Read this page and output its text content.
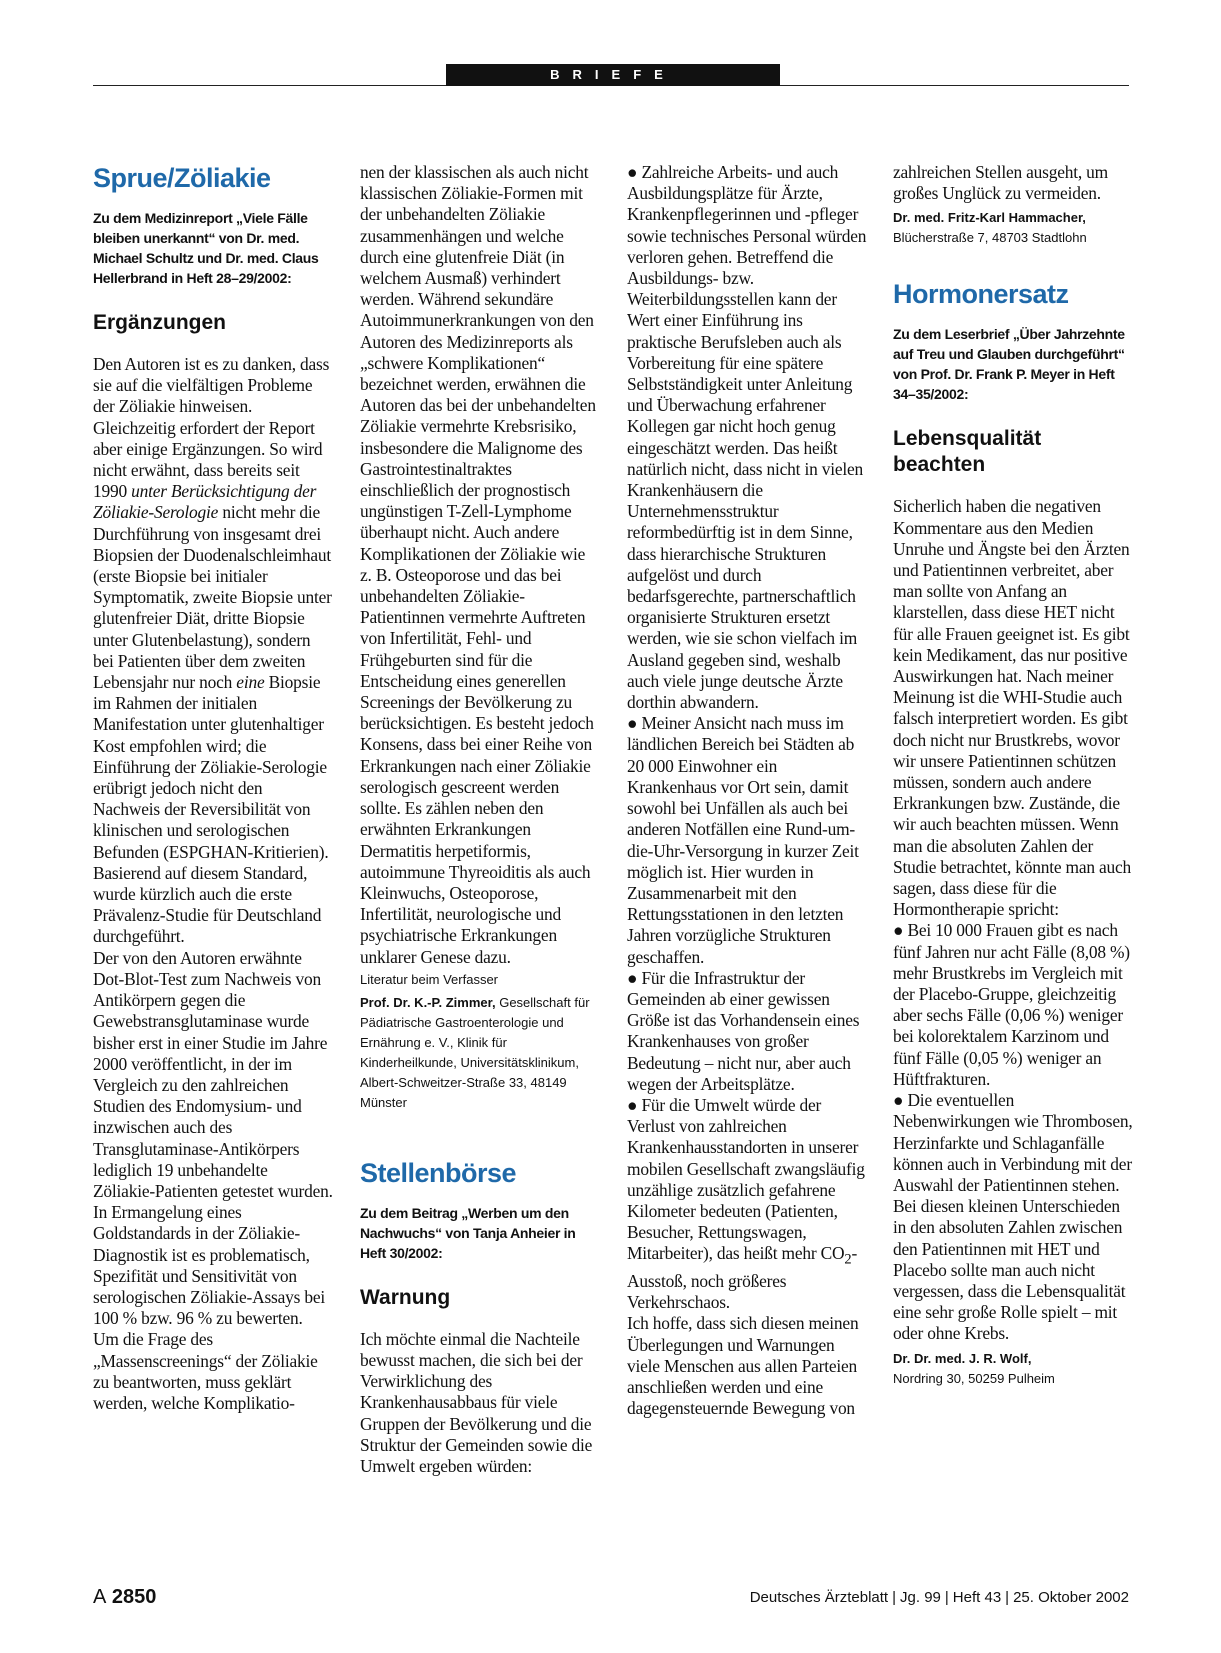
BRIEFE
Sprue/Zöliakie

Zu dem Medizinreport „Viele Fälle bleiben unerkannt“ von Dr. med. Michael Schultz und Dr. med. Claus Hellerbrand in Heft 28–29/2002:

Ergänzungen

Den Autoren ist es zu danken, dass sie auf die vielfältigen Probleme der Zöliakie hinweisen. Gleichzeitig erfordert der Report aber einige Ergänzungen. So wird nicht erwähnt, dass bereits seit 1990 unter Berücksichtigung der Zöliakie-Serologie nicht mehr die Durchführung von insgesamt drei Biopsien der Duodenalschleimhaut (erste Biopsie bei initialer Symptomatik, zweite Biopsie unter glutenfreier Diät, dritte Biopsie unter Glutenbelastung), sondern bei Patienten über dem zweiten Lebensjahr nur noch eine Biopsie im Rahmen der initialen Manifestation unter glutenhaltiger Kost empfohlen wird; die Einführung der Zöliakie-Serologie erübrigt jedoch nicht den Nachweis der Reversibilität von klinischen und serologischen Befunden (ESPGHAN-Kritierien). Basierend auf diesem Standard, wurde kürzlich auch die erste Prävalenz-Studie für Deutschland durchgeführt.

Der von den Autoren erwähnte Dot-Blot-Test zum Nachweis von Antikörpern gegen die Gewebstransglutaminase wurde bisher erst in einer Studie im Jahre 2000 veröffentlicht, in der im Vergleich zu den zahlreichen Studien des Endomysium- und inzwischen auch des Transglutaminase-Antikörpers lediglich 19 unbehandelte Zöliakie-Patienten getestet wurden. In Ermangelung eines Goldstandards in der Zöliakie-Diagnostik ist es problematisch, Spezifität und Sensitivität von serologischen Zöliakie-Assays bei 100 % bzw. 96 % zu bewerten.

Um die Frage des „Massenscreenings“ der Zöliakie zu beantworten, muss geklärt werden, welche Komplikatio-

nen der klassischen als auch nicht klassischen Zöliakie-Formen mit der unbehandelten Zöliakie zusammenhängen und welche durch eine glutenfreie Diät (in welchem Ausmaß) verhindert werden. Während sekundäre Autoimmunerkrankungen von den Autoren des Medizinreports als „schwere Komplikationen“ bezeichnet werden, erwähnen die Autoren das bei der unbehandelten Zöliakie vermehrte Krebsrisiko, insbesondere die Malignome des Gastrointestinaltraktes einschließlich der prognostisch ungünstigen T-Zell-Lymphome überhaupt nicht. Auch andere Komplikationen der Zöliakie wie z. B. Osteoporose und das bei unbehandelten Zöliakie-Patientinnen vermehrte Auftreten von Infertilität, Fehl- und Frühgeburten sind für die Entscheidung eines generellen Screenings der Bevölkerung zu berücksichtigen. Es besteht jedoch Konsens, dass bei einer Reihe von Erkrankungen nach einer Zöliakie serologisch gescreent werden sollte. Es zählen neben den erwähnten Erkrankungen Dermatitis herpetiformis, autoimmune Thyreoiditis als auch Kleinwuchs, Osteoporose, Infertilität, neurologische und psychiatrische Erkrankungen unklarer Genese dazu.

Literatur beim Verfasser

Prof. Dr. K.-P. Zimmer, Gesellschaft für Pädiatrische Gastroenterologie und Ernährung e. V., Klinik für Kinderheilkunde, Universitätsklinikum, Albert-Schweitzer-Straße 33, 48149 Münster

Stellenbörse

Zu dem Beitrag „Werben um den Nachwuchs“ von Tanja Anheier in Heft 30/2002:

Warnung

Ich möchte einmal die Nachteile bewusst machen, die sich bei der Verwirklichung des Krankenhausabbaus für viele Gruppen der Bevölkerung und die Struktur der Gemeinden sowie die Umwelt ergeben würden:

● Zahlreiche Arbeits- und auch Ausbildungsplätze für Ärzte, Krankenpflegerinnen und -pfleger sowie technisches Personal würden verloren gehen. Betreffend die Ausbildungs- bzw. Weiterbildungsstellen kann der Wert einer Einführung ins praktische Berufsleben auch als Vorbereitung für eine spätere Selbstständigkeit unter Anleitung und Überwachung erfahrener Kollegen gar nicht hoch genug eingeschätzt werden. Das heißt natürlich nicht, dass nicht in vielen Krankenhäusern die Unternehmensstruktur reformbedürftig ist in dem Sinne, dass hierarchische Strukturen aufgelöst und durch bedarfsgerechte, partnerschaftlich organisierte Strukturen ersetzt werden, wie sie schon vielfach im Ausland gegeben sind, weshalb auch viele junge deutsche Ärzte dorthin abwandern.

● Meiner Ansicht nach muss im ländlichen Bereich bei Städten ab 20 000 Einwohner ein Krankenhaus vor Ort sein, damit sowohl bei Unfällen als auch bei anderen Notfällen eine Rund-um-die-Uhr-Versorgung in kurzer Zeit möglich ist. Hier wurden in Zusammenarbeit mit den Rettungsstationen in den letzten Jahren vorzügliche Strukturen geschaffen.

● Für die Infrastruktur der Gemeinden ab einer gewissen Größe ist das Vorhandensein eines Krankenhauses von großer Bedeutung – nicht nur, aber auch wegen der Arbeitsplätze.

● Für die Umwelt würde der Verlust von zahlreichen Krankenhausstandorten in unserer mobilen Gesellschaft zwangsläufig unzählige zusätzlich gefahrene Kilometer bedeuten (Patienten, Besucher, Rettungswagen, Mitarbeiter), das heißt mehr $CO_2$-Ausstoß, noch größeres Verkehrschaos.

Ich hoffe, dass sich diesen meinen Überlegungen und Warnungen viele Menschen aus allen Parteien anschließen werden und eine dagegensteuernde Bewegung von

zahlreichen Stellen ausgeht, um großes Unglück zu vermeiden.

Dr. med. Fritz-Karl Hammacher,
Blücherstraße 7, 48703 Stadtlohn

Hormonersatz

Zu dem Leserbrief „Über Jahrzehnte auf Treu und Glauben durchgeführt“ von Prof. Dr. Frank P. Meyer in Heft 34–35/2002:

Lebensqualität beachten

Sicherlich haben die negativen Kommentare aus den Medien Unruhe und Ängste bei den Ärzten und Patientinnen verbreitet, aber man sollte von Anfang an klarstellen, dass diese HET nicht für alle Frauen geeignet ist. Es gibt kein Medikament, das nur positive Auswirkungen hat. Nach meiner Meinung ist die WHI-Studie auch falsch interpretiert worden. Es gibt doch nicht nur Brustkrebs, wovor wir unsere Patientinnen schützen müssen, sondern auch andere Erkrankungen bzw. Zustände, die wir auch beachten müssen. Wenn man die absoluten Zahlen der Studie betrachtet, könnte man auch sagen, dass diese für die Hormontherapie spricht:

● Bei 10 000 Frauen gibt es nach fünf Jahren nur acht Fälle (8,08 %) mehr Brustkrebs im Vergleich mit der Placebo-Gruppe, gleichzeitig aber sechs Fälle (0,06 %) weniger bei kolorektalem Karzinom und fünf Fälle (0,05 %) weniger an Hüftfrakturen.

● Die eventuellen Nebenwirkungen wie Thrombosen, Herzinfarkte und Schlaganfälle können auch in Verbindung mit der Auswahl der Patientinnen stehen.

Bei diesen kleinen Unterschieden in den absoluten Zahlen zwischen den Patientinnen mit HET und Placebo sollte man auch nicht vergessen, dass die Lebensqualität eine sehr große Rolle spielt – mit oder ohne Krebs.

Dr. Dr. med. J. R. Wolf,
Nordring 30, 50259 Pulheim

A 2850	Deutsches Ärzteblatt | Jg. 99 | Heft 43 | 25. Oktober 2002
